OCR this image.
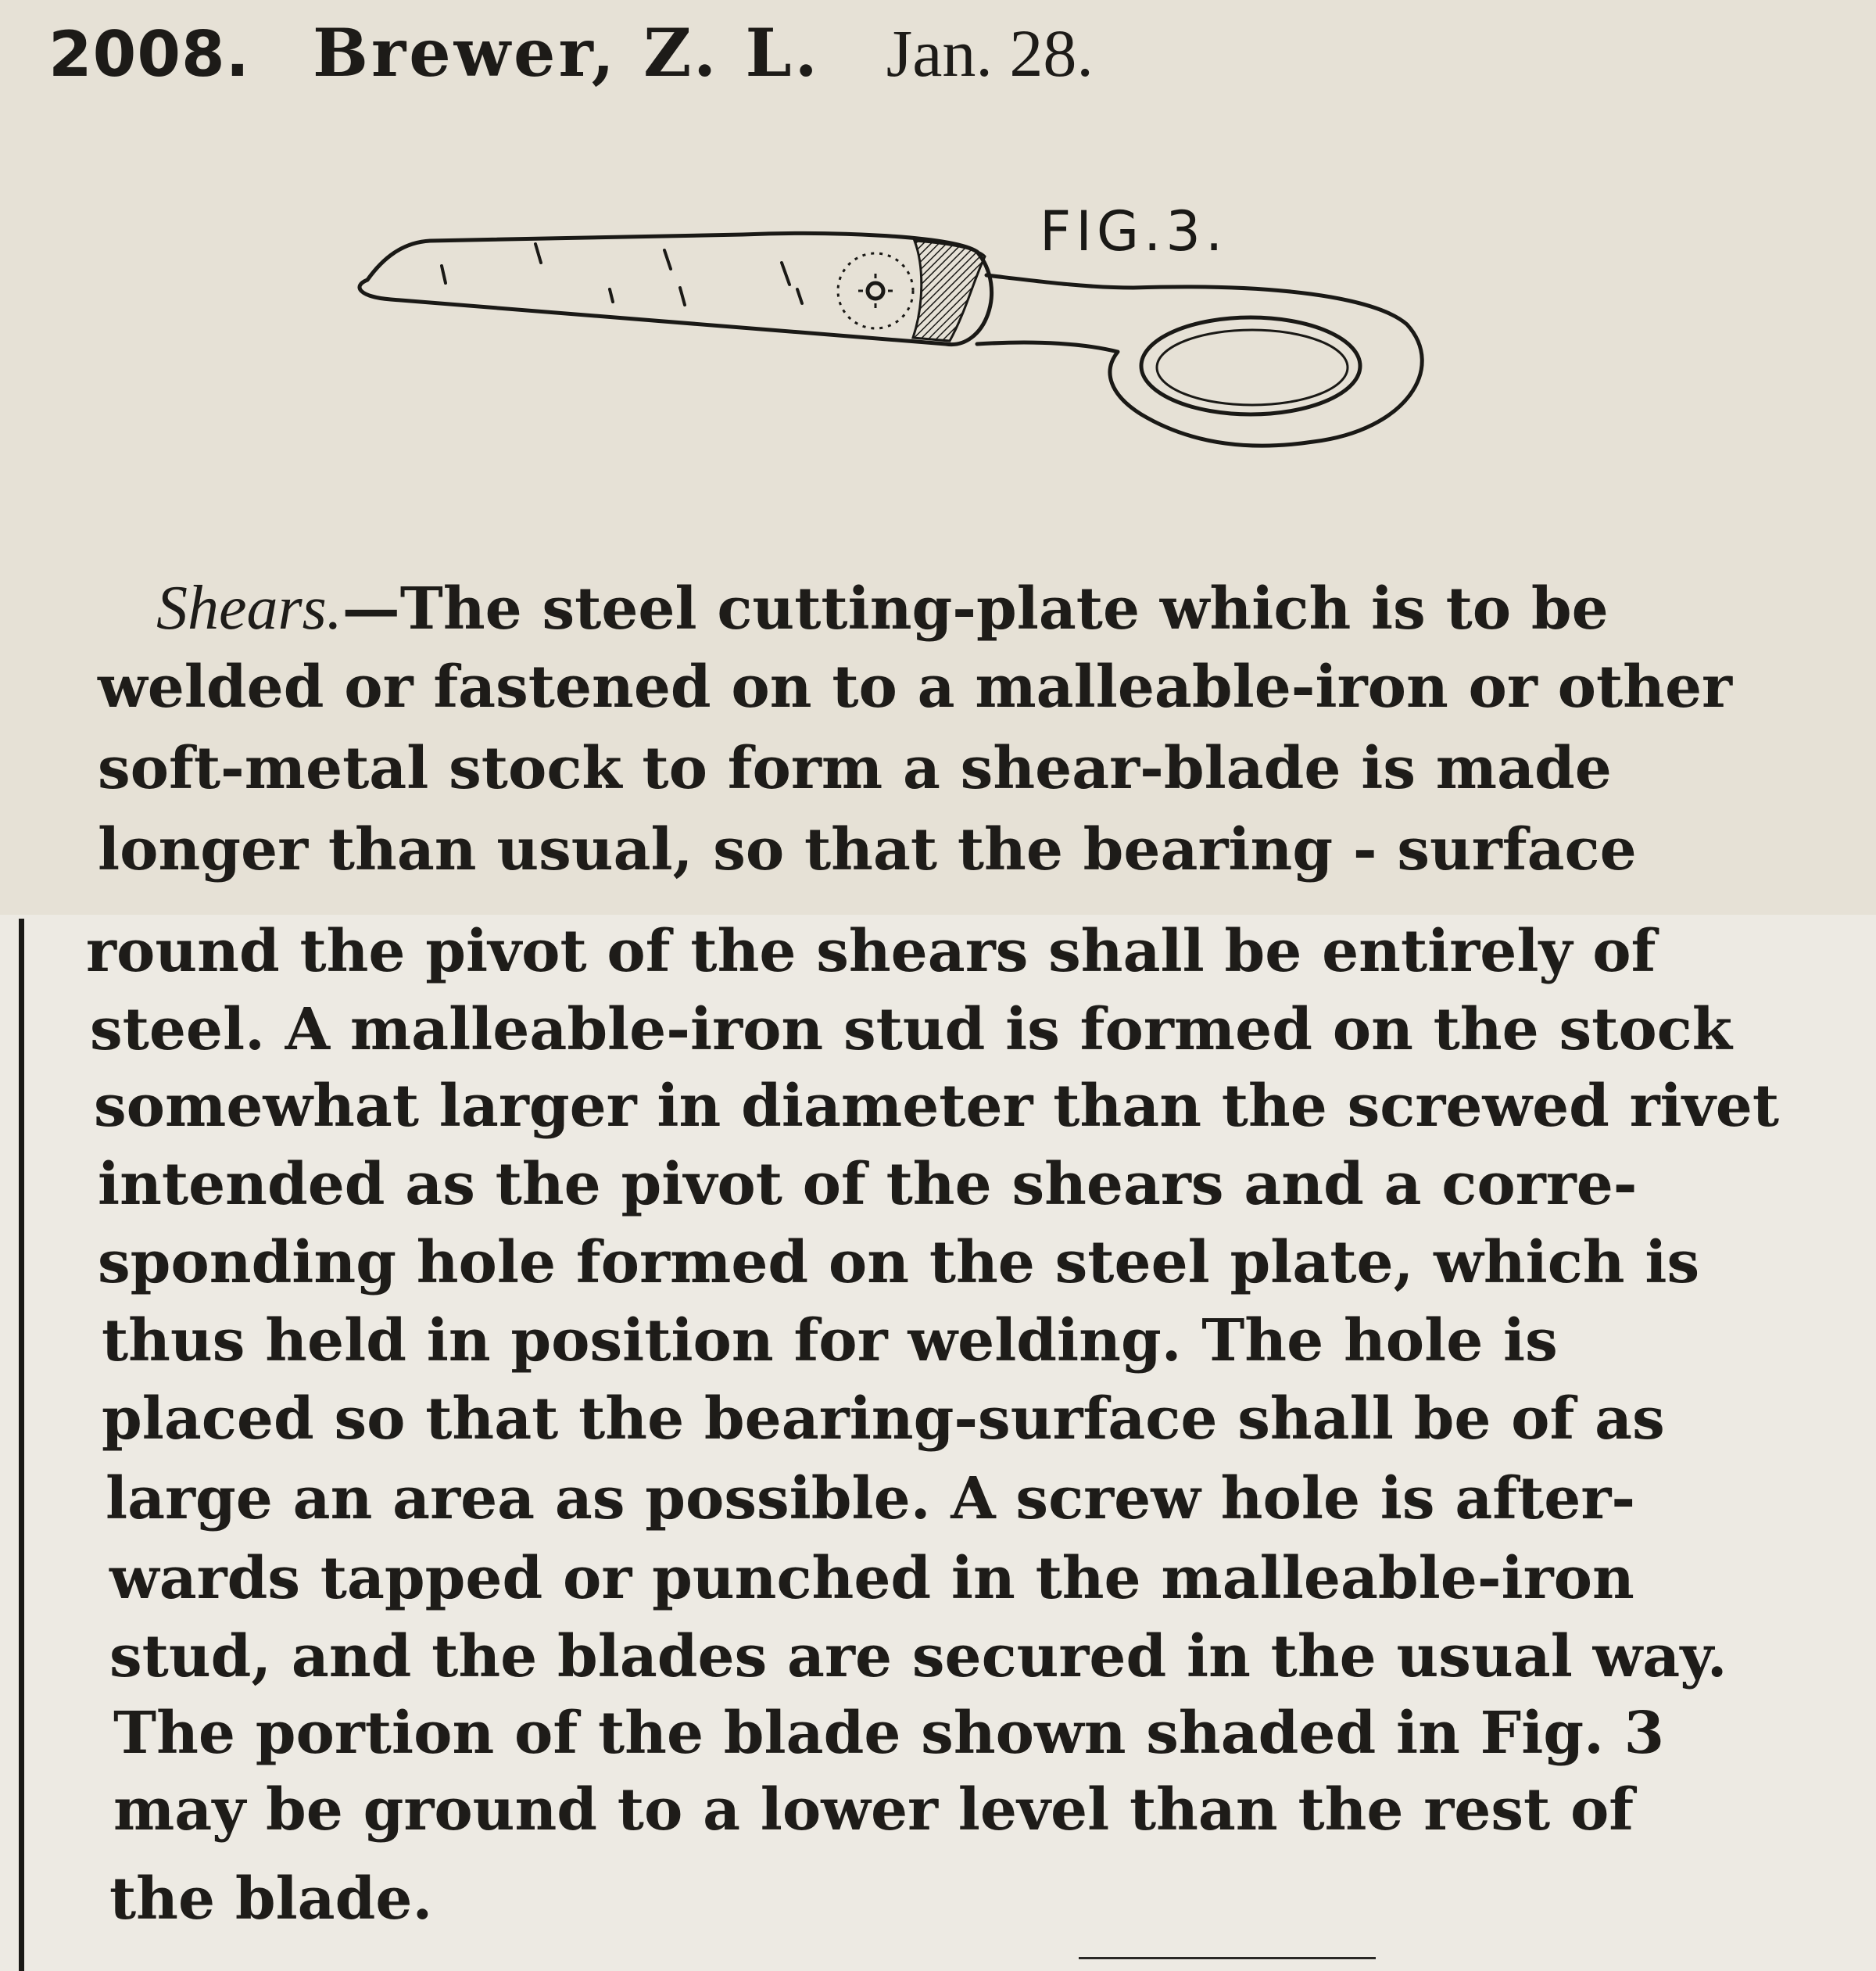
2008. Brewer, Z. L. Jan. 28.
FIG.3.
Shears.—The steel cutting-plate which is to be
welded or fastened on to a malleable-iron or other
soft-metal stock to form a shear-blade is made
longer than usual, so that the bearing - surface
round the pivot of the shears shall be entirely of
steel. A malleable-iron stud is formed on the stock
somewhat larger in diameter than the screwed rivet
intended as the pivot of the shears and a corre-
sponding hole formed on the steel plate, which is
thus held in position for welding. The hole is
placed so that the bearing-surface shall be of as
large an area as possible. A screw hole is after-
wards tapped or punched in the malleable-iron
stud, and the blades are secured in the usual way.
The portion of the blade shown shaded in Fig. 3
may be ground to a lower level than the rest of
the blade.
